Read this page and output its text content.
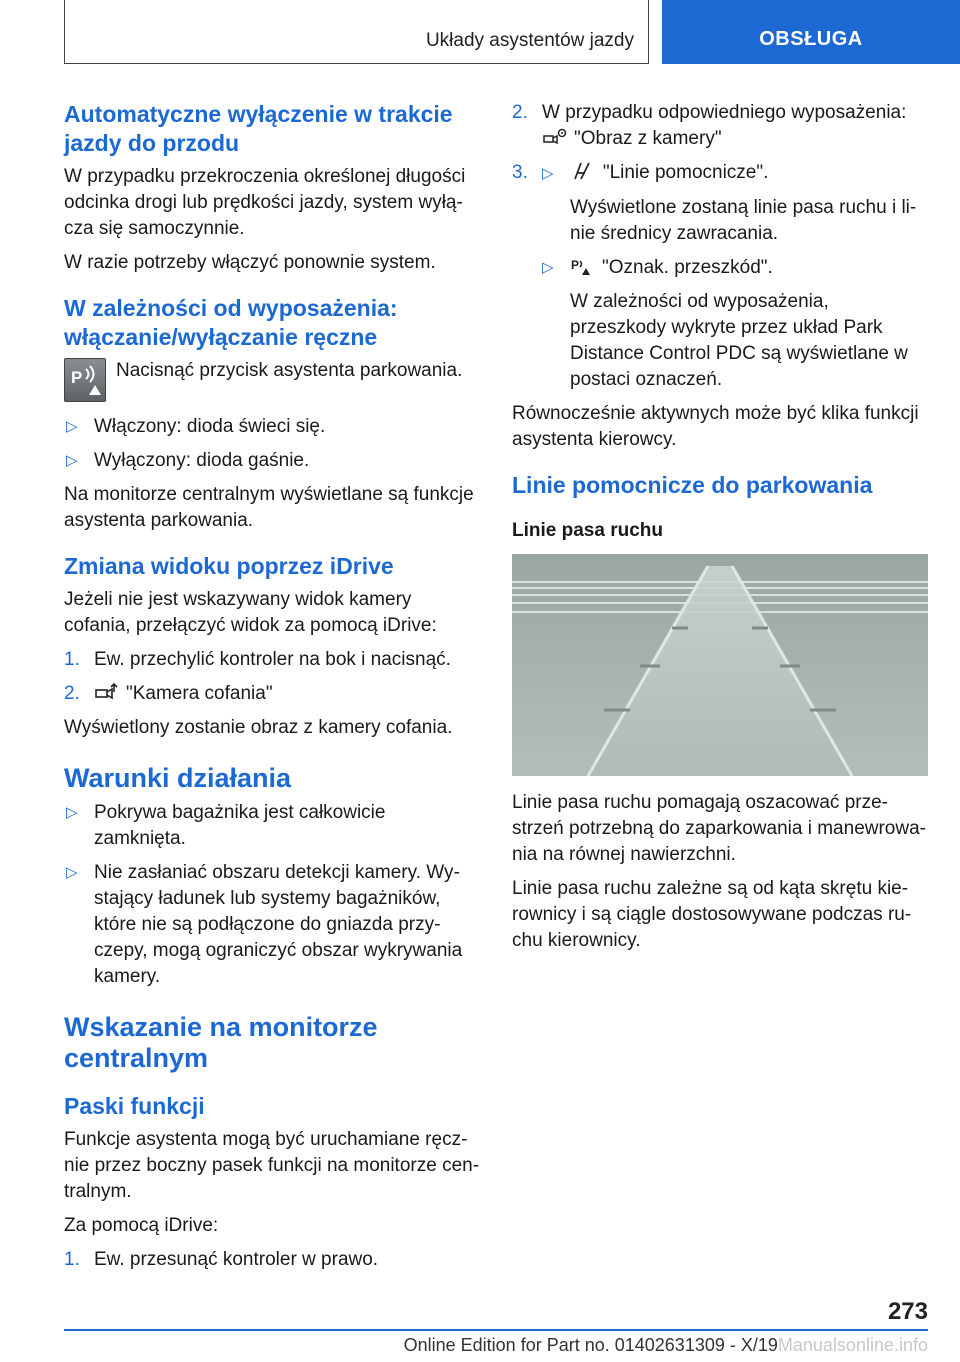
Układy asystentów jazdy	OBSŁUGA
Automatyczne wyłączenie w trakcie jazdy do przodu

W przypadku przekroczenia określonej długości odcinka drogi lub prędkości jazdy, system wyłącza się samoczynnie.

W razie potrzeby włączyć ponownie system.

W zależności od wyposażenia: włączanie/wyłączanie ręczne
P Nacisnąć przycisk asystenta parkowania.

▷ Włączony: dioda świeci się.
▷ Wyłączony: dioda gaśnie.

Na monitorze centralnym wyświetlane są funkcje asystenta parkowania.

Zmiana widoku poprzez iDrive

Jeżeli nie jest wskazywany widok kamery cofania, przełączyć widok za pomocą iDrive:

1. Ew. przechylić kontroler na bok i nacisnąć.
2. "Kamera cofania"

Wyświetlony zostanie obraz z kamery cofania.

Warunki działania
▷ Pokrywa bagażnika jest całkowicie zamknięta.
▷ Nie zasłaniać obszaru detekcji kamery. Wystający ładunek lub systemy bagażników, które nie są podłączone do gniazda przyczepy, mogą ograniczyć obszar wykrywania kamery.
Wskazanie na monitorze centralnym
Paski funkcji

Funkcje asystenta mogą być uruchamiane ręcznie przez boczny pasek funkcji na monitorze centralnym.

Za pomocą iDrive:

1. Ew. przesunąć kontroler w prawo.
2. W przypadku odpowiedniego wyposażenia:
"Obraz z kamery"
3. ▷	"Linie pomocnicze".
Wyświetlone zostaną linie pasa ruchu i linie średnicy zawracania.
▷ P "Oznak. przeszkód".
W zależności od wyposażenia, przeszkody wykryte przez układ Park Distance Control PDC są wyświetlane w postaci oznaczeń.

Równocześnie aktywnych może być klika funkcji asystenta kierowcy.

Linie pomocnicze do parkowania
Linie pasa ruchu

Linie pasa ruchu pomagają oszacować przestrzeń potrzebną do zaparkowania i manewrowania na równej nawierzchni.

Linie pasa ruchu zależne są od kąta skrętu kierownicy i są ciągle dostosowywane podczas ruchu kierownicy.

273
Online Edition for Part no. 01402631309 - X/19Manualsonline.info
